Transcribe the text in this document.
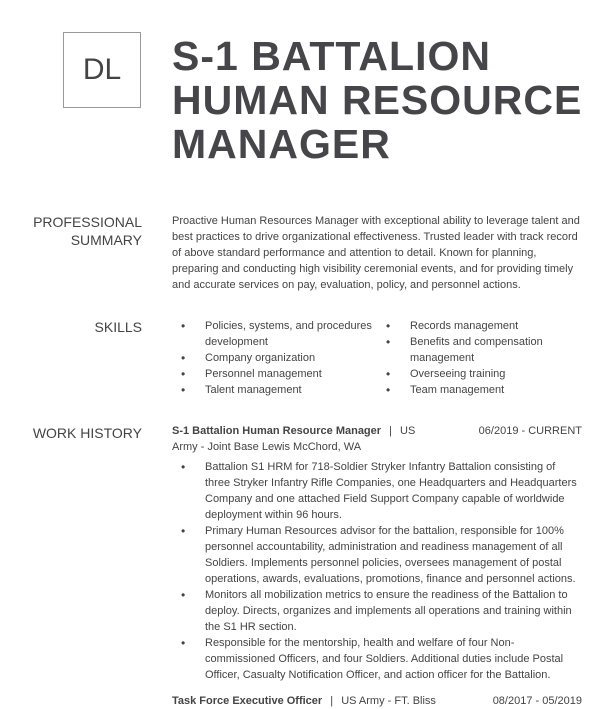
DL	S-1 BATTALION HUMAN RESOURCE MANAGER
PROFESSIONAL
SUMMARY
Proactive Human Resources Manager with exceptional ability to leverage talent and best practices to drive organizational effectiveness. Trusted leader with track record of above standard performance and attention to detail. Known for planning, preparing and conducting high visibility ceremonial events, and for providing timely and accurate services on pay, evaluation, policy, and personnel actions.
SKILLS	• Policies, systems, and procedures development
• Company organization
• Personnel management
• Talent management
• Records management
• Benefits and compensation management
• Overseeing training
• Team management
WORK HISTORY	S-1 Battalion Human Resource Manager | US Army - Joint Base Lewis McChord, WA
06/2019 - CURRENT
• Battalion S1 HRM for 718-Soldier Stryker Infantry Battalion consisting of three Stryker Infantry Rifle Companies, one Headquarters and Headquarters Company and one attached Field Support Company capable of worldwide deployment within 96 hours.
• Primary Human Resources advisor for the battalion, responsible for 100% personnel accountability, administration and readiness management of all Soldiers. Implements personnel policies, oversees management of postal operations, awards, evaluations, promotions, finance and personnel actions.
• Monitors all mobilization metrics to ensure the readiness of the Battalion to deploy. Directs, organizes and implements all operations and training within the S1 HR section.
• Responsible for the mentorship, health and welfare of four Non-commissioned Officers, and four Soldiers. Additional duties include Postal Officer, Casualty Notification Officer, and action officer for the Battalion.
Task Force Executive Officer | US Army - FT. Bliss	08/2017 - 05/2019
